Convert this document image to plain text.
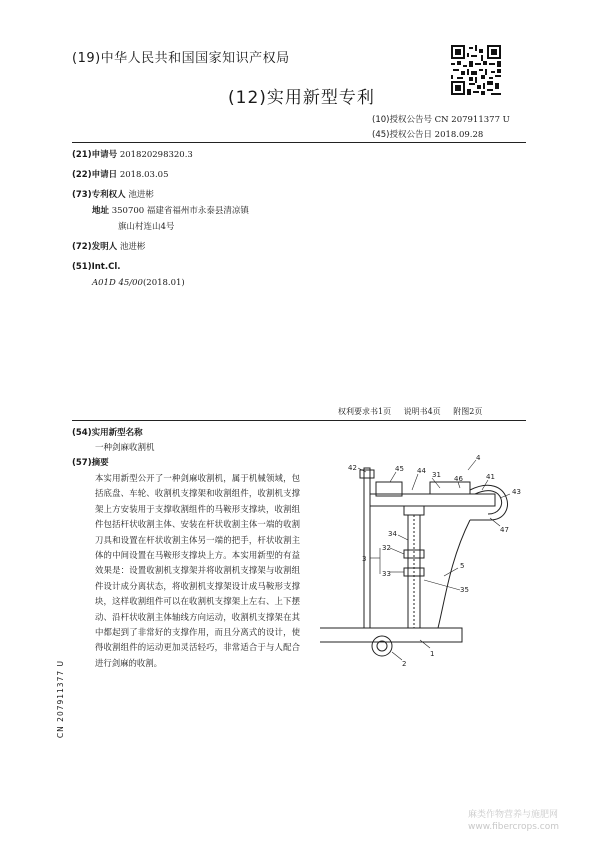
(19)中华人民共和国国家知识产权局
(12)实用新型专利
(10)授权公告号 CN 207911377 U
(45)授权公告日 2018.09.28
(21)申请号 201820298320.3
(22)申请日 2018.03.05
(73)专利权人 池进彬
地址 350700 福建省福州市永泰县清凉镇
旗山村连山4号
(72)发明人 池进彬
(51)Int.Cl.
A01D 45/00(2018.01)
权利要求书1页 说明书4页 附图2页
(54)实用新型名称
一种剑麻收割机
(57)摘要
本实用新型公开了一种剑麻收割机，属于机械领域，包括底盘、车轮、收割机支撑架和收割组件，收割机支撑架上方安装用于支撑收割组件的马鞍形支撑块，收割组件包括杆状收割主体、安装在杆状收割主体一端的收割刀具和设置在杆状收割主体另一端的把手，杆状收割主体的中间设置在马鞍形支撑块上方。本实用新型的有益效果是：设置收割机支撑架并将收割机支撑架与收割组件设计成分离状态，将收割机支撑架设计成马鞍形支撑块，这样收割组件可以在收割机支撑架上左右、上下摆动、沿杆状收割主体轴线方向运动，收割机支撑架在其中都起到了非常好的支撑作用，而且分离式的设计，使得收割组件的运动更加灵活轻巧，非常适合于与人配合进行剑麻的收割。
CN 207911377 U
42	45 44 31 46	41
43
47
4
34
32
33
3
5
35
1
2
麻类作物营养与施肥网
www.fibercrops.com
